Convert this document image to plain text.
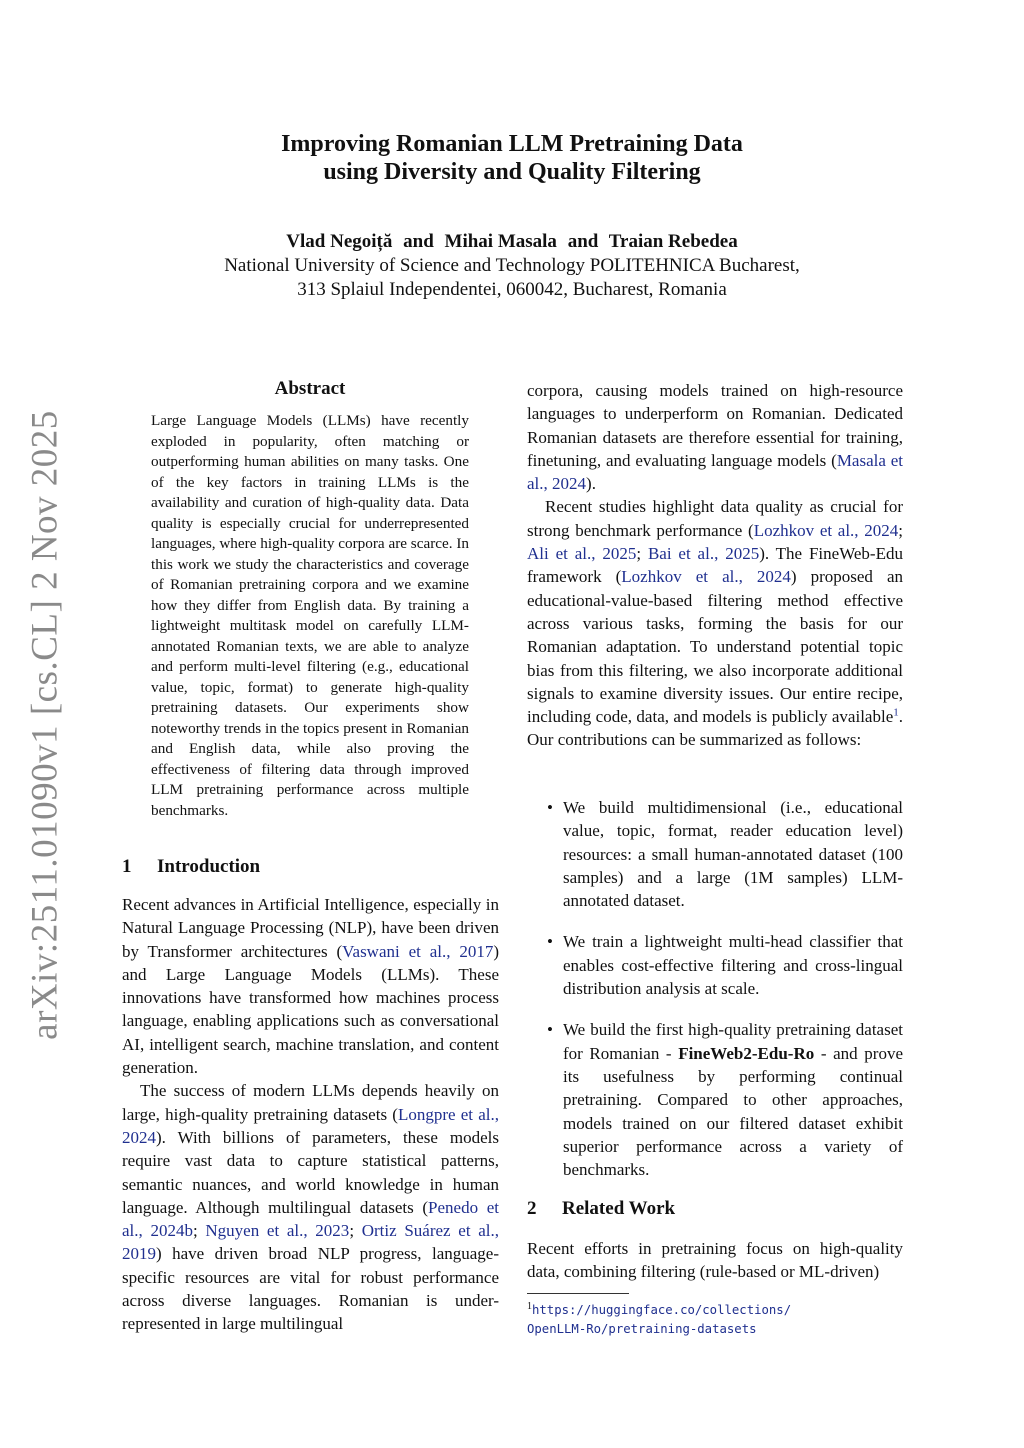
arXiv:2511.01090v1 [cs.CL] 2 Nov 2025
Improving Romanian LLM Pretraining Data
using Diversity and Quality Filtering
Vlad Negoiță and Mihai Masala and Traian Rebedea
National University of Science and Technology POLITEHNICA Bucharest,
313 Splaiul Independentei, 060042, Bucharest, Romania
Abstract
Large Language Models (LLMs) have recently exploded in popularity, often matching or outperforming human abilities on many tasks. One of the key factors in training LLMs is the availability and curation of high-quality data. Data quality is especially crucial for underrepresented languages, where high-quality corpora are scarce. In this work we study the characteristics and coverage of Romanian pretraining corpora and we examine how they differ from English data. By training a lightweight multitask model on carefully LLM-annotated Romanian texts, we are able to analyze and perform multi-level filtering (e.g., educational value, topic, format) to generate high-quality pretraining datasets. Our experiments show noteworthy trends in the topics present in Romanian and English data, while also proving the effectiveness of filtering data through improved LLM pretraining performance across multiple benchmarks.
1 Introduction

Recent advances in Artificial Intelligence, especially in Natural Language Processing (NLP), have been driven by Transformer architectures (Vaswani et al., 2017) and Large Language Models (LLMs). These innovations have transformed how machines process language, enabling applications such as conversational AI, intelligent search, machine translation, and content generation.

The success of modern LLMs depends heavily on large, high-quality pretraining datasets (Longpre et al., 2024). With billions of parameters, these models require vast data to capture statistical patterns, semantic nuances, and world knowledge in human language. Although multilingual datasets (Penedo et al., 2024b; Nguyen et al., 2023; Ortiz Suárez et al., 2019) have driven broad NLP progress, language-specific resources are vital for robust performance across diverse languages. Romanian is under-represented in large multilingual

corpora, causing models trained on high-resource languages to underperform on Romanian. Dedicated Romanian datasets are therefore essential for training, finetuning, and evaluating language models (Masala et al., 2024).

Recent studies highlight data quality as crucial for strong benchmark performance (Lozhkov et al., 2024; Ali et al., 2025; Bai et al., 2025). The FineWeb-Edu framework (Lozhkov et al., 2024) proposed an educational-value-based filtering method effective across various tasks, forming the basis for our Romanian adaptation. To understand potential topic bias from this filtering, we also incorporate additional signals to examine diversity issues. Our entire recipe, including code, data, and models is publicly available$^1$. Our contributions can be summarized as follows:

• We build multidimensional (i.e., educational value, topic, format, reader education level) resources: a small human-annotated dataset (100 samples) and a large (1M samples) LLM-annotated dataset.
• We train a lightweight multi-head classifier that enables cost-effective filtering and cross-lingual distribution analysis at scale.
• We build the first high-quality pretraining dataset for Romanian - FineWeb2-Edu-Ro - and prove its usefulness by performing continual pretraining. Compared to other approaches, models trained on our filtered dataset exhibit superior performance across a variety of benchmarks.
2 Related Work
Recent efforts in pretraining focus on high-quality data, combining filtering (rule-based or ML-driven)
$^1$https://huggingface.co/collections/
OpenLLM-Ro/pretraining-datasets
